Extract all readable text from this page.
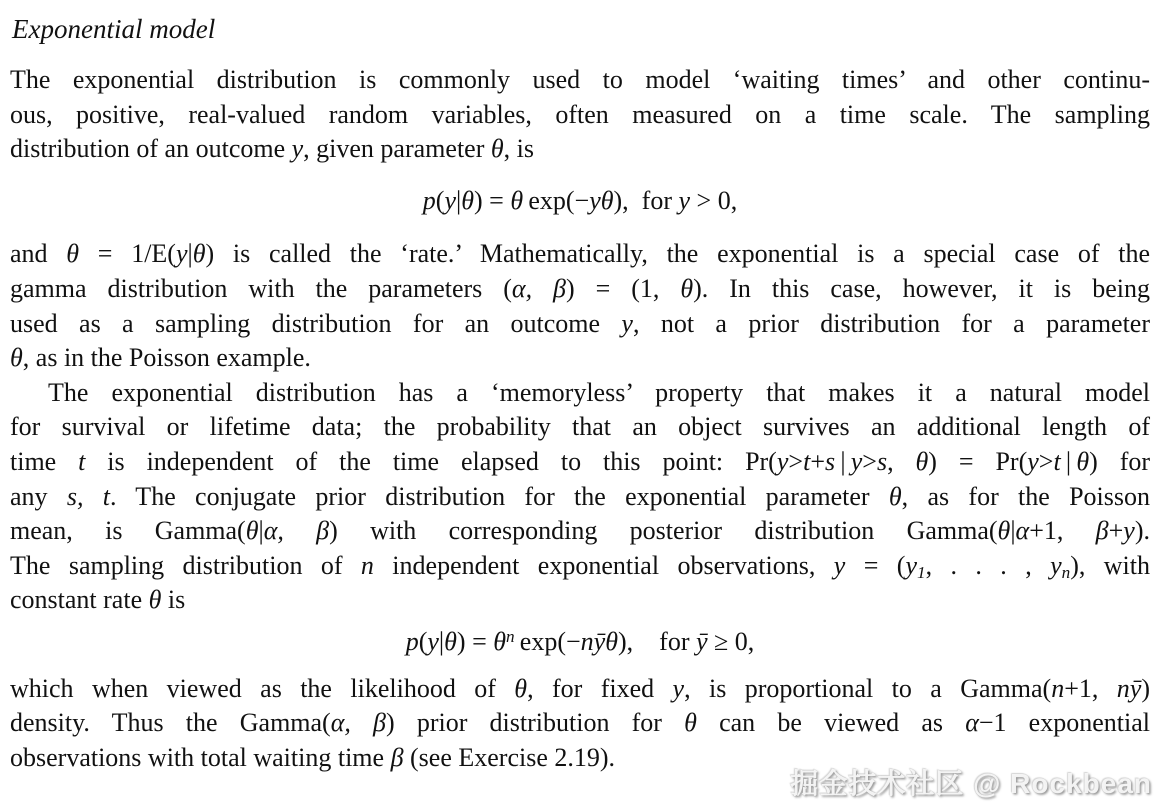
Exponential model
The exponential distribution is commonly used to model ‘waiting times’ and other continu-
ous, positive, real-valued random variables, often measured on a time scale. The sampling
distribution of an outcome y, given parameter θ, is
p(y|θ) = θ exp(−yθ), for y > 0,
and θ = 1/E(y|θ) is called the ‘rate.’ Mathematically, the exponential is a special case of the
gamma distribution with the parameters (α, β) = (1, θ). In this case, however, it is being
used as a sampling distribution for an outcome y, not a prior distribution for a parameter
θ, as in the Poisson example.
The exponential distribution has a ‘memoryless’ property that makes it a natural model
for survival or lifetime data; the probability that an object survives an additional length of
time t is independent of the time elapsed to this point: Pr(y>t+s | y>s, θ) = Pr(y>t | θ) for
any s, t. The conjugate prior distribution for the exponential parameter θ, as for the Poisson
mean, is Gamma(θ|α, β) with corresponding posterior distribution Gamma(θ|α+1, β+y).
The sampling distribution of n independent exponential observations, $y = (y_1$, . . . , $y_n$), with
constant rate θ is
$p(y|\theta) = \theta^n$ exp(−nȳθ), for ȳ ≥ 0,
which when viewed as the likelihood of θ, for fixed y, is proportional to a Gamma(n+1, nȳ)
density. Thus the Gamma(α, β) prior distribution for θ can be viewed as α−1 exponential
observations with total waiting time β (see Exercise 2.19).
掘金技术社区 @ Rockbean
